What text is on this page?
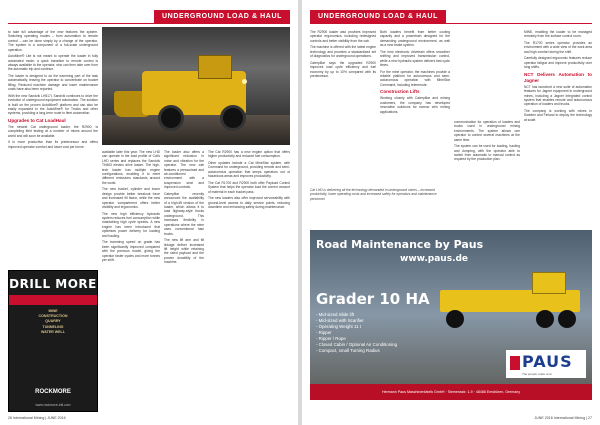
UNDERGROUND LOAD & HAUL

to take full advantage of the new features the system. Switching operating modes – from automation to remote control – can be done simply by a change of the operator. The system is a component of a full-scale underground operation.

AutoMine® Lite is not meant to operate the loader in fully automated mode; a quick transition to remote control is always available to the operator, who can then take over from the automatic trip and continue.

The loader is designed to do the tramming part of the task automatically, leaving the operator to concentrate on bucket filling. Reduced machine damage and lower maintenance costs have also been reported.

With the new Sandvik LH517i, Sandvik continues to drive the evolution of underground equipment automation. The solution is built on the proven AutoMine® platform and can also be easily expanded to the AutoMine® for Trucks and other systems, providing a long-term route to fleet automation.

Upgrades to Cat LoadHaul

The newest Cat underground loader, the R2900, is completing field testing at a number of mines around the world and will soon be available.

It is more productive than its predecessor and offers improved operator comfort and lower cost per tonne.

available later this year. The new LHD can operate in the load profile of Cat's LHD series and replaces the Sandvik TH663 electric drive loader. The high-tech loader has multiple engine configurations, enabling it to meet different emissions standards around the world.

The new bucket, cylinder and boom design provide better breakout force and increased fill factor, while the new operator compartment offers better visibility and ergonomics.

The new high efficiency hydraulic system reduces fuel consumption while maintaining high cycle speeds. A new engine has been introduced that optimises power delivery for loading and hauling.

The tramming speed on grade has been significantly improved compared with the previous model, giving the operator faster cycles and more tonnes per shift.

The loader also offers a significant reduction in noise and vibration for the operator. The new cab features a pressurised and air-conditioned environment with a suspension seat and improved controls.

Caterpillar recently announced the availability of a high-lift version of the loader, which allows it to load highway-style trucks underground. This increases flexibility in operations where the mine uses conventional haul trucks.

The new lift arm and tilt linkage deliver increased lift height while retaining the rated payload and the proven durability of the machine.

The Cat R2900 has a new engine option that offers higher productivity and reduced fuel consumption.

Other updates include a Cat MineStar system, with Command for underground, providing remote and semi-autonomous operation that keeps operators out of hazardous areas and improves productivity.

The Cat R1700 and R2900 both offer Payload Control System that helps the operator load the correct amount of material in each bucket pass.

The new loaders also offer improved serviceability with ground-level access to daily service points, reducing downtime and enhancing safety during maintenance.

DRILL MORE
MINE
CONSTRUCTION
QUARRY
TUNNELING
WATER WELL
ROCKMORE
www.rockmore-intl.com
26 International Mining | JUNE 2016
UNDERGROUND LOAD & HAUL

The R2900 loader also provides improved operator ergonomics, including redesigned controls and better visibility from the cab.

The machine is offered with the latest engine technology and provides a standardised set of diagnostics for underground operations.

Caterpillar says the upgraded R2900 improves load cycle efficiency and fuel economy by up to 10% compared with its predecessor.

Both loaders benefit from better cooling capacity and a powertrain designed for the demanding underground environment, as well as a new brake system.

The new electronic drivetrain offers smoother shifting and improved transmission control, while a new hydraulic system delivers fast cycle times.

For the mine operator, the machines provide a reliable platform for autonomous and semi-autonomous operation with MineStar Command, including teleremote.

Construction Lifts

Working closely with Caterpillar and mining customers, the company has developed innovative solutions for narrow vein mining applications.

Cat LHD is delivering all the technology demanded in underground mines – increased productivity, lower operating costs and increased safety for operators and maintenance personnel.

communication for operation of loaders and trucks used in underground mining environments. The system allows one operator to control several machines at the same time.

The system can be used for loading, hauling and dumping, with the operator able to switch from automatic to manual control as required by the production plan.

MINE, enabling the loader to be managed remotely from the surface control room.

The R1700 series operator provides an environment with a wide view of the work area and high comfort during the shift.

Carefully designed ergonomic features reduce operator fatigue and improve productivity over long shifts.

NCT Delivers Automation to Jagner

NCT has launched a new suite of automation features for Jagner equipment in underground mines, including a Jagner integrated control system that enables remote and autonomous operation of loaders and trucks.

The company is working with mines in Sweden and Finland to deploy the technology at scale.

Road Maintenance by Paus
www.paus.de
Grader 10 HA
- Mid-sized Slide lift
- Mid-sized with Scarifier
- Operating Weight 11 t
- Ripper
- Ripper / Rope
- Closed Cabin / Optional Air Conditioning
- Compact, small Turning Radius
PAUS
The people make sure
Hermann Paus Maschinenfabrik GmbH · Siemensstr. 1-9 · 48488 Emsbüren, Germany
JUNE 2016 International Mining | 27
